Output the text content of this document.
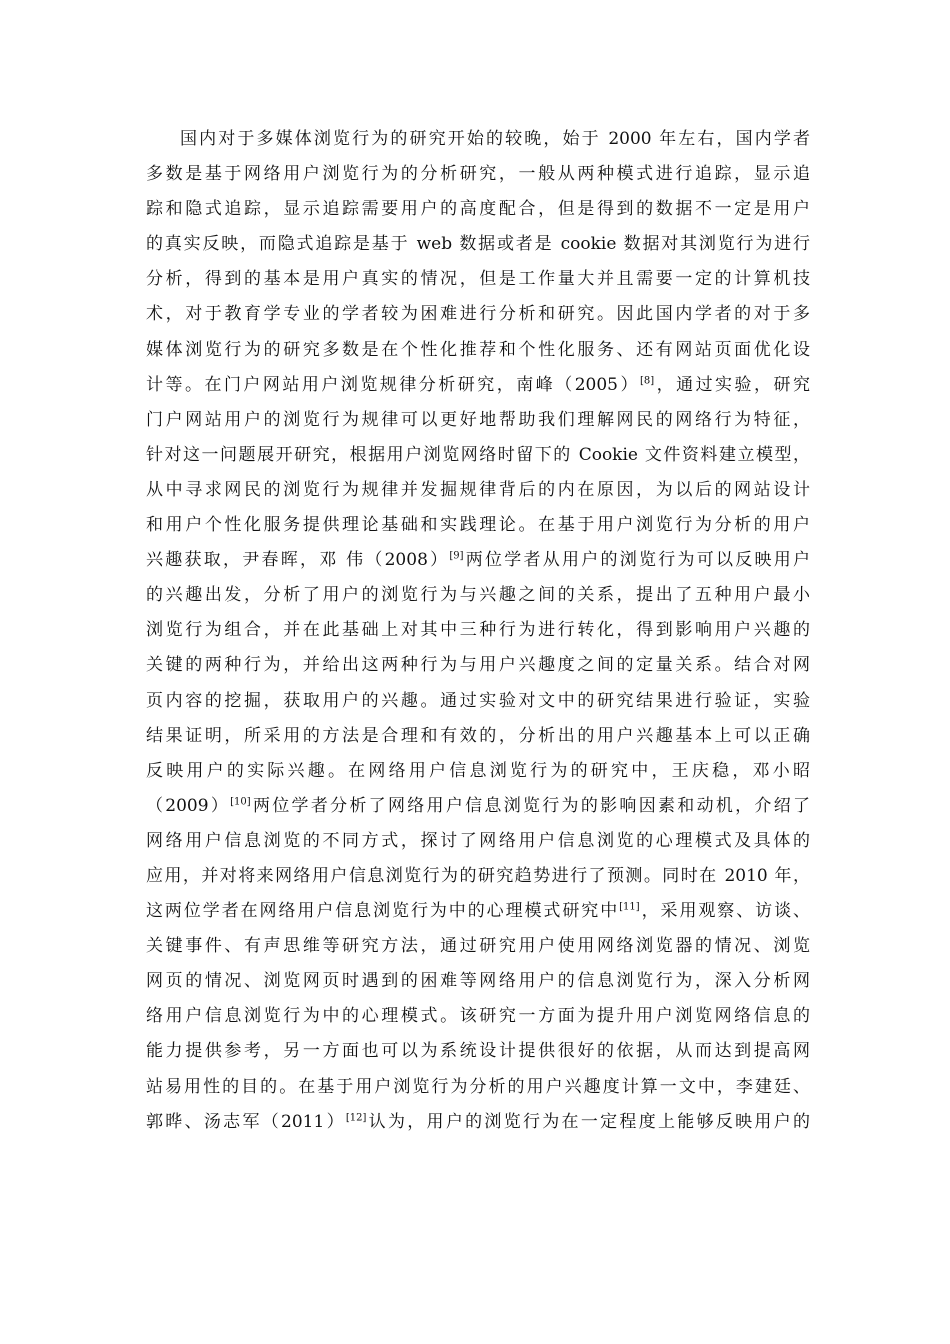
国内对于多媒体浏览行为的研究开始的较晚，始于 2000 年左右，国内学者
多数是基于网络用户浏览行为的分析研究，一般从两种模式进行追踪，显示追
踪和隐式追踪，显示追踪需要用户的高度配合，但是得到的数据不一定是用户
的真实反映，而隐式追踪是基于 web 数据或者是 cookie 数据对其浏览行为进行
分析，得到的基本是用户真实的情况，但是工作量大并且需要一定的计算机技
术，对于教育学专业的学者较为困难进行分析和研究。因此国内学者的对于多
媒体浏览行为的研究多数是在个性化推荐和个性化服务、还有网站页面优化设
计等。在门户网站用户浏览规律分析研究，南峰（2005）[8]，通过实验，研究
门户网站用户的浏览行为规律可以更好地帮助我们理解网民的网络行为特征，
针对这一问题展开研究，根据用户浏览网络时留下的 Cookie 文件资料建立模型，
从中寻求网民的浏览行为规律并发掘规律背后的内在原因，为以后的网站设计
和用户个性化服务提供理论基础和实践理论。在基于用户浏览行为分析的用户
兴趣获取，尹春晖，邓 伟（2008）[9]两位学者从用户的浏览行为可以反映用户
的兴趣出发，分析了用户的浏览行为与兴趣之间的关系，提出了五种用户最小
浏览行为组合，并在此基础上对其中三种行为进行转化，得到影响用户兴趣的
关键的两种行为，并给出这两种行为与用户兴趣度之间的定量关系。结合对网
页内容的挖掘，获取用户的兴趣。通过实验对文中的研究结果进行验证，实验
结果证明，所采用的方法是合理和有效的，分析出的用户兴趣基本上可以正确
反映用户的实际兴趣。在网络用户信息浏览行为的研究中，王庆稳，邓小昭
（2009）[10]两位学者分析了网络用户信息浏览行为的影响因素和动机，介绍了
网络用户信息浏览的不同方式，探讨了网络用户信息浏览的心理模式及具体的
应用，并对将来网络用户信息浏览行为的研究趋势进行了预测。同时在 2010 年，
这两位学者在网络用户信息浏览行为中的心理模式研究中[11]，采用观察、访谈、
关键事件、有声思维等研究方法，通过研究用户使用网络浏览器的情况、浏览
网页的情况、浏览网页时遇到的困难等网络用户的信息浏览行为，深入分析网
络用户信息浏览行为中的心理模式。该研究一方面为提升用户浏览网络信息的
能力提供参考，另一方面也可以为系统设计提供很好的依据，从而达到提高网
站易用性的目的。在基于用户浏览行为分析的用户兴趣度计算一文中，李建廷、
郭晔、汤志军（2011）[12]认为，用户的浏览行为在一定程度上能够反映用户的
